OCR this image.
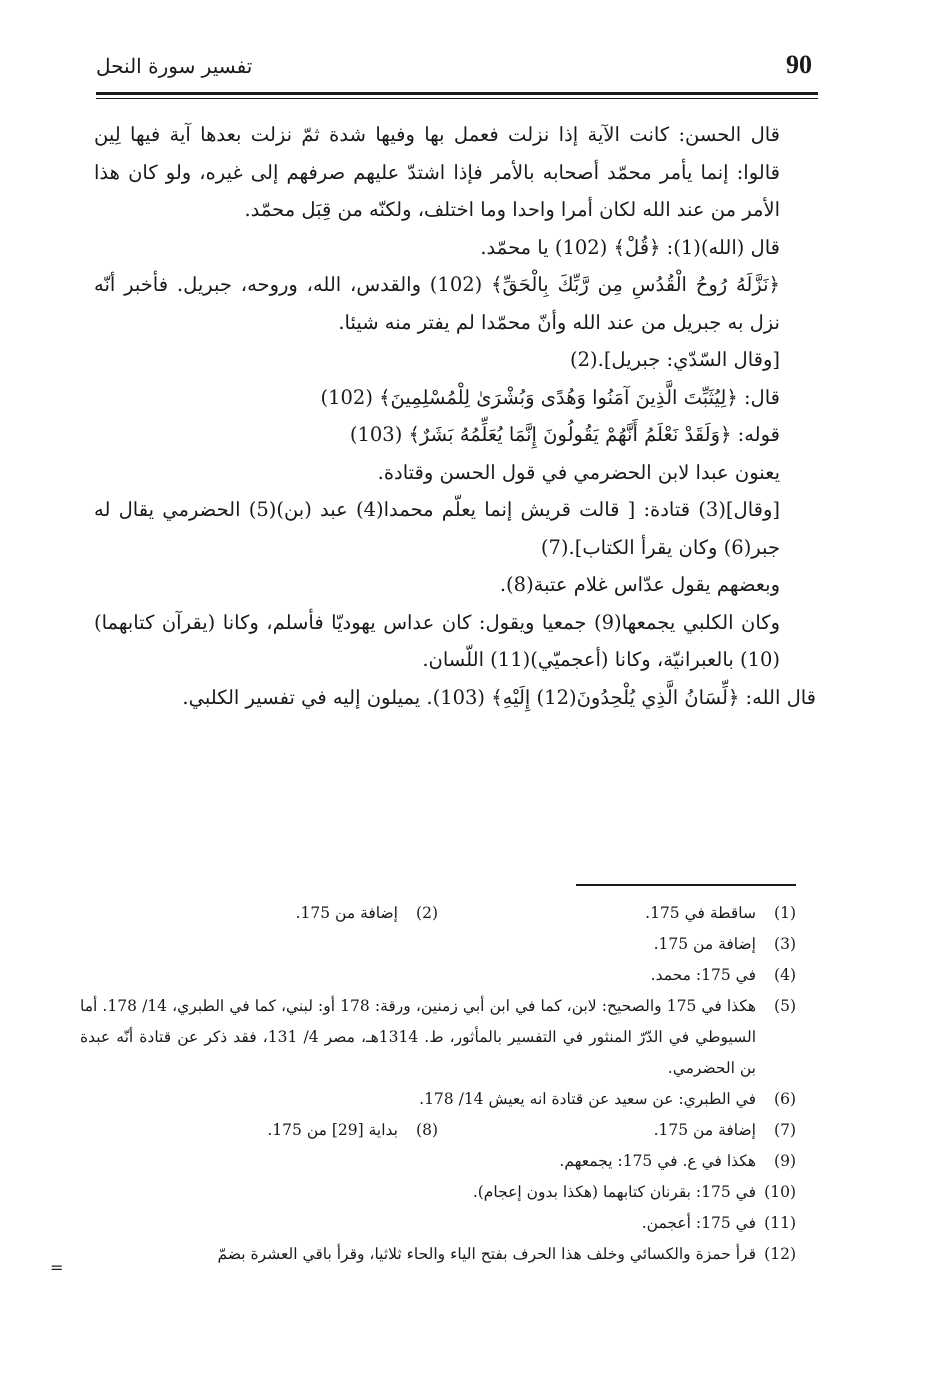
90
تفسير سورة النحل

قال الحسن: كانت الآية إذا نزلت فعمل بها وفيها شدة ثمّ نزلت بعدها آية فيها لِين قالوا: إنما يأمر محمّد أصحابه بالأمر فإذا اشتدّ عليهم صرفهم إلى غيره، ولو كان هذا الأمر من عند الله لكان أمرا واحدا وما اختلف، ولكنّه من قِبَل محمّد.

قال (الله)(1): ﴿قُلْ﴾ (102) يا محمّد.

﴿نَزَّلَهُ رُوحُ الْقُدُسِ مِن رَّبِّكَ بِالْحَقِّ﴾ (102) والقدس، الله، وروحه، جبريل. فأخبر أنّه نزل به جبريل من عند الله وأنّ محمّدا لم يفتر منه شيئا.

[وقال السّدّي: جبريل].(2)

قال: ﴿لِيُثَبِّتَ الَّذِينَ آمَنُوا وَهُدًى وَبُشْرَىٰ لِلْمُسْلِمِينَ﴾ (102)

قوله: ﴿وَلَقَدْ نَعْلَمُ أَنَّهُمْ يَقُولُونَ إِنَّمَا يُعَلِّمُهُ بَشَرٌ﴾ (103)

يعنون عبدا لابن الحضرمي في قول الحسن وقتادة.

[وقال](3) قتادة: [ قالت قريش إنما يعلّم محمدا(4) عبد (بن)(5) الحضرمي يقال له جبر(6) وكان يقرأ الكتاب].(7)

وبعضهم يقول عدّاس غلام عتبة(8).

وكان الكلبي يجمعها(9) جمعيا ويقول: كان عداس يهوديّا فأسلم، وكانا (يقرآن كتابهما)(10) بالعبرانيّة، وكانا (أعجميّي)(11) اللّسان.

قال الله: ﴿لِّسَانُ الَّذِي يُلْحِدُونَ(12) إِلَيْهِ﴾ (103). يميلون إليه في تفسير الكلبي.

(1)
ساقطة في 175.
(2)
إضافة من 175.
(3)
إضافة من 175.
(4)
في 175: محمد.
(5)
هكذا في 175 والصحيح: لابن، كما في ابن أبي زمنين، ورقة: 178 أو: لبني، كما في الطبري، 14/ 178. أما السيوطي في الدّرّ المنثور في التفسير بالمأثور، ط. 1314هـ، مصر 4/ 131، فقد ذكر عن قتادة أنّه عبدة بن الحضرمي.
(6)
في الطبري: عن سعيد عن قتادة انه يعيش 14/ 178.
(7)
إضافة من 175.
(8)
بداية [29] من 175.
(9)
هكذا في ع. في 175: يجمعهم.
(10)
في 175: بقرنان كتابهما (هكذا بدون إعجام).
(11)
في 175: أعجمن.
(12)
قرأ حمزة والكسائي وخلف هذا الحرف بفتح الياء والحاء ثلاثيا، وقرأ باقي العشرة بضمّ
=
